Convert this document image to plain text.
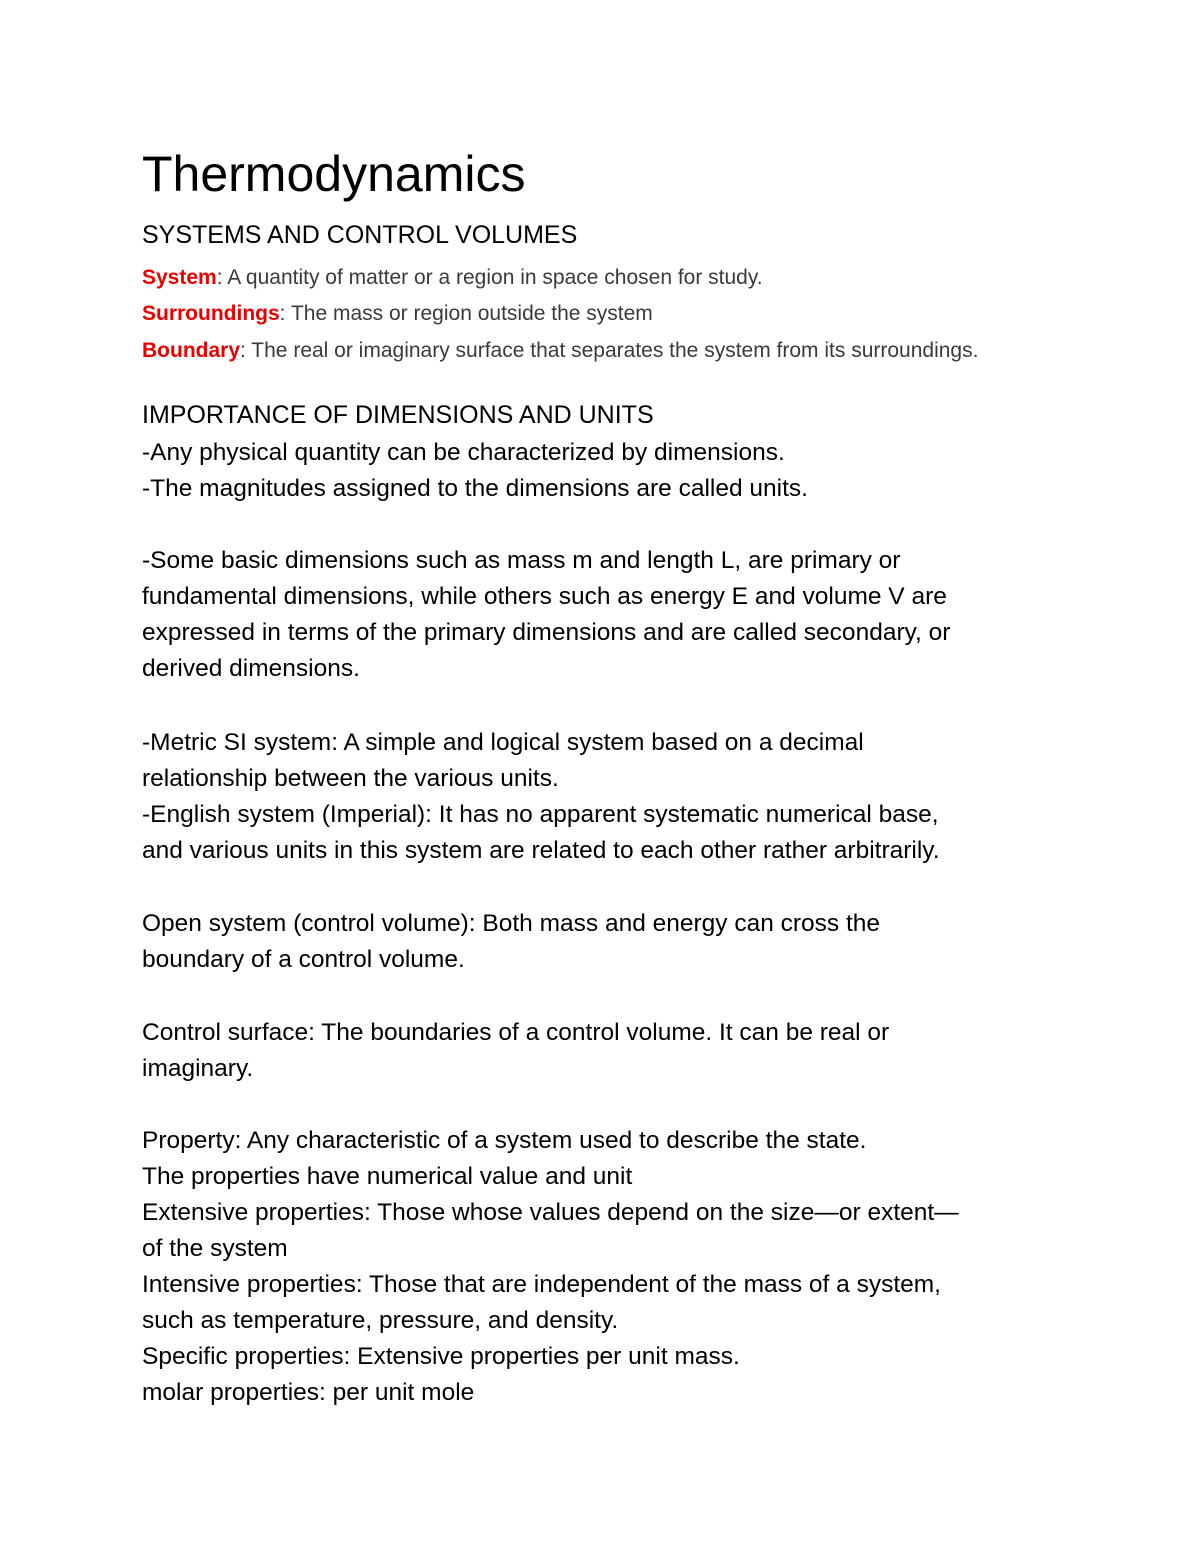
Thermodynamics
SYSTEMS AND CONTROL VOLUMES

System: A quantity of matter or a region in space chosen for study.

Surroundings: The mass or region outside the system

Boundary: The real or imaginary surface that separates the system from its surroundings.

IMPORTANCE OF DIMENSIONS AND UNITS
-Any physical quantity can be characterized by dimensions.
-The magnitudes assigned to the dimensions are called units.
-Some basic dimensions such as mass m and length L, are primary or
fundamental dimensions, while others such as energy E and volume V are
expressed in terms of the primary dimensions and are called secondary, or
derived dimensions.
-Metric SI system: A simple and logical system based on a decimal
relationship between the various units.
-English system (Imperial): It has no apparent systematic numerical base,
and various units in this system are related to each other rather arbitrarily.
Open system (control volume): Both mass and energy can cross the
boundary of a control volume.
Control surface: The boundaries of a control volume. It can be real or
imaginary.
Property: Any characteristic of a system used to describe the state.
The properties have numerical value and unit
Extensive properties: Those whose values depend on the size—or extent—
of the system
Intensive properties: Those that are independent of the mass of a system,
such as temperature, pressure, and density.
Specific properties: Extensive properties per unit mass.
molar properties: per unit mole
